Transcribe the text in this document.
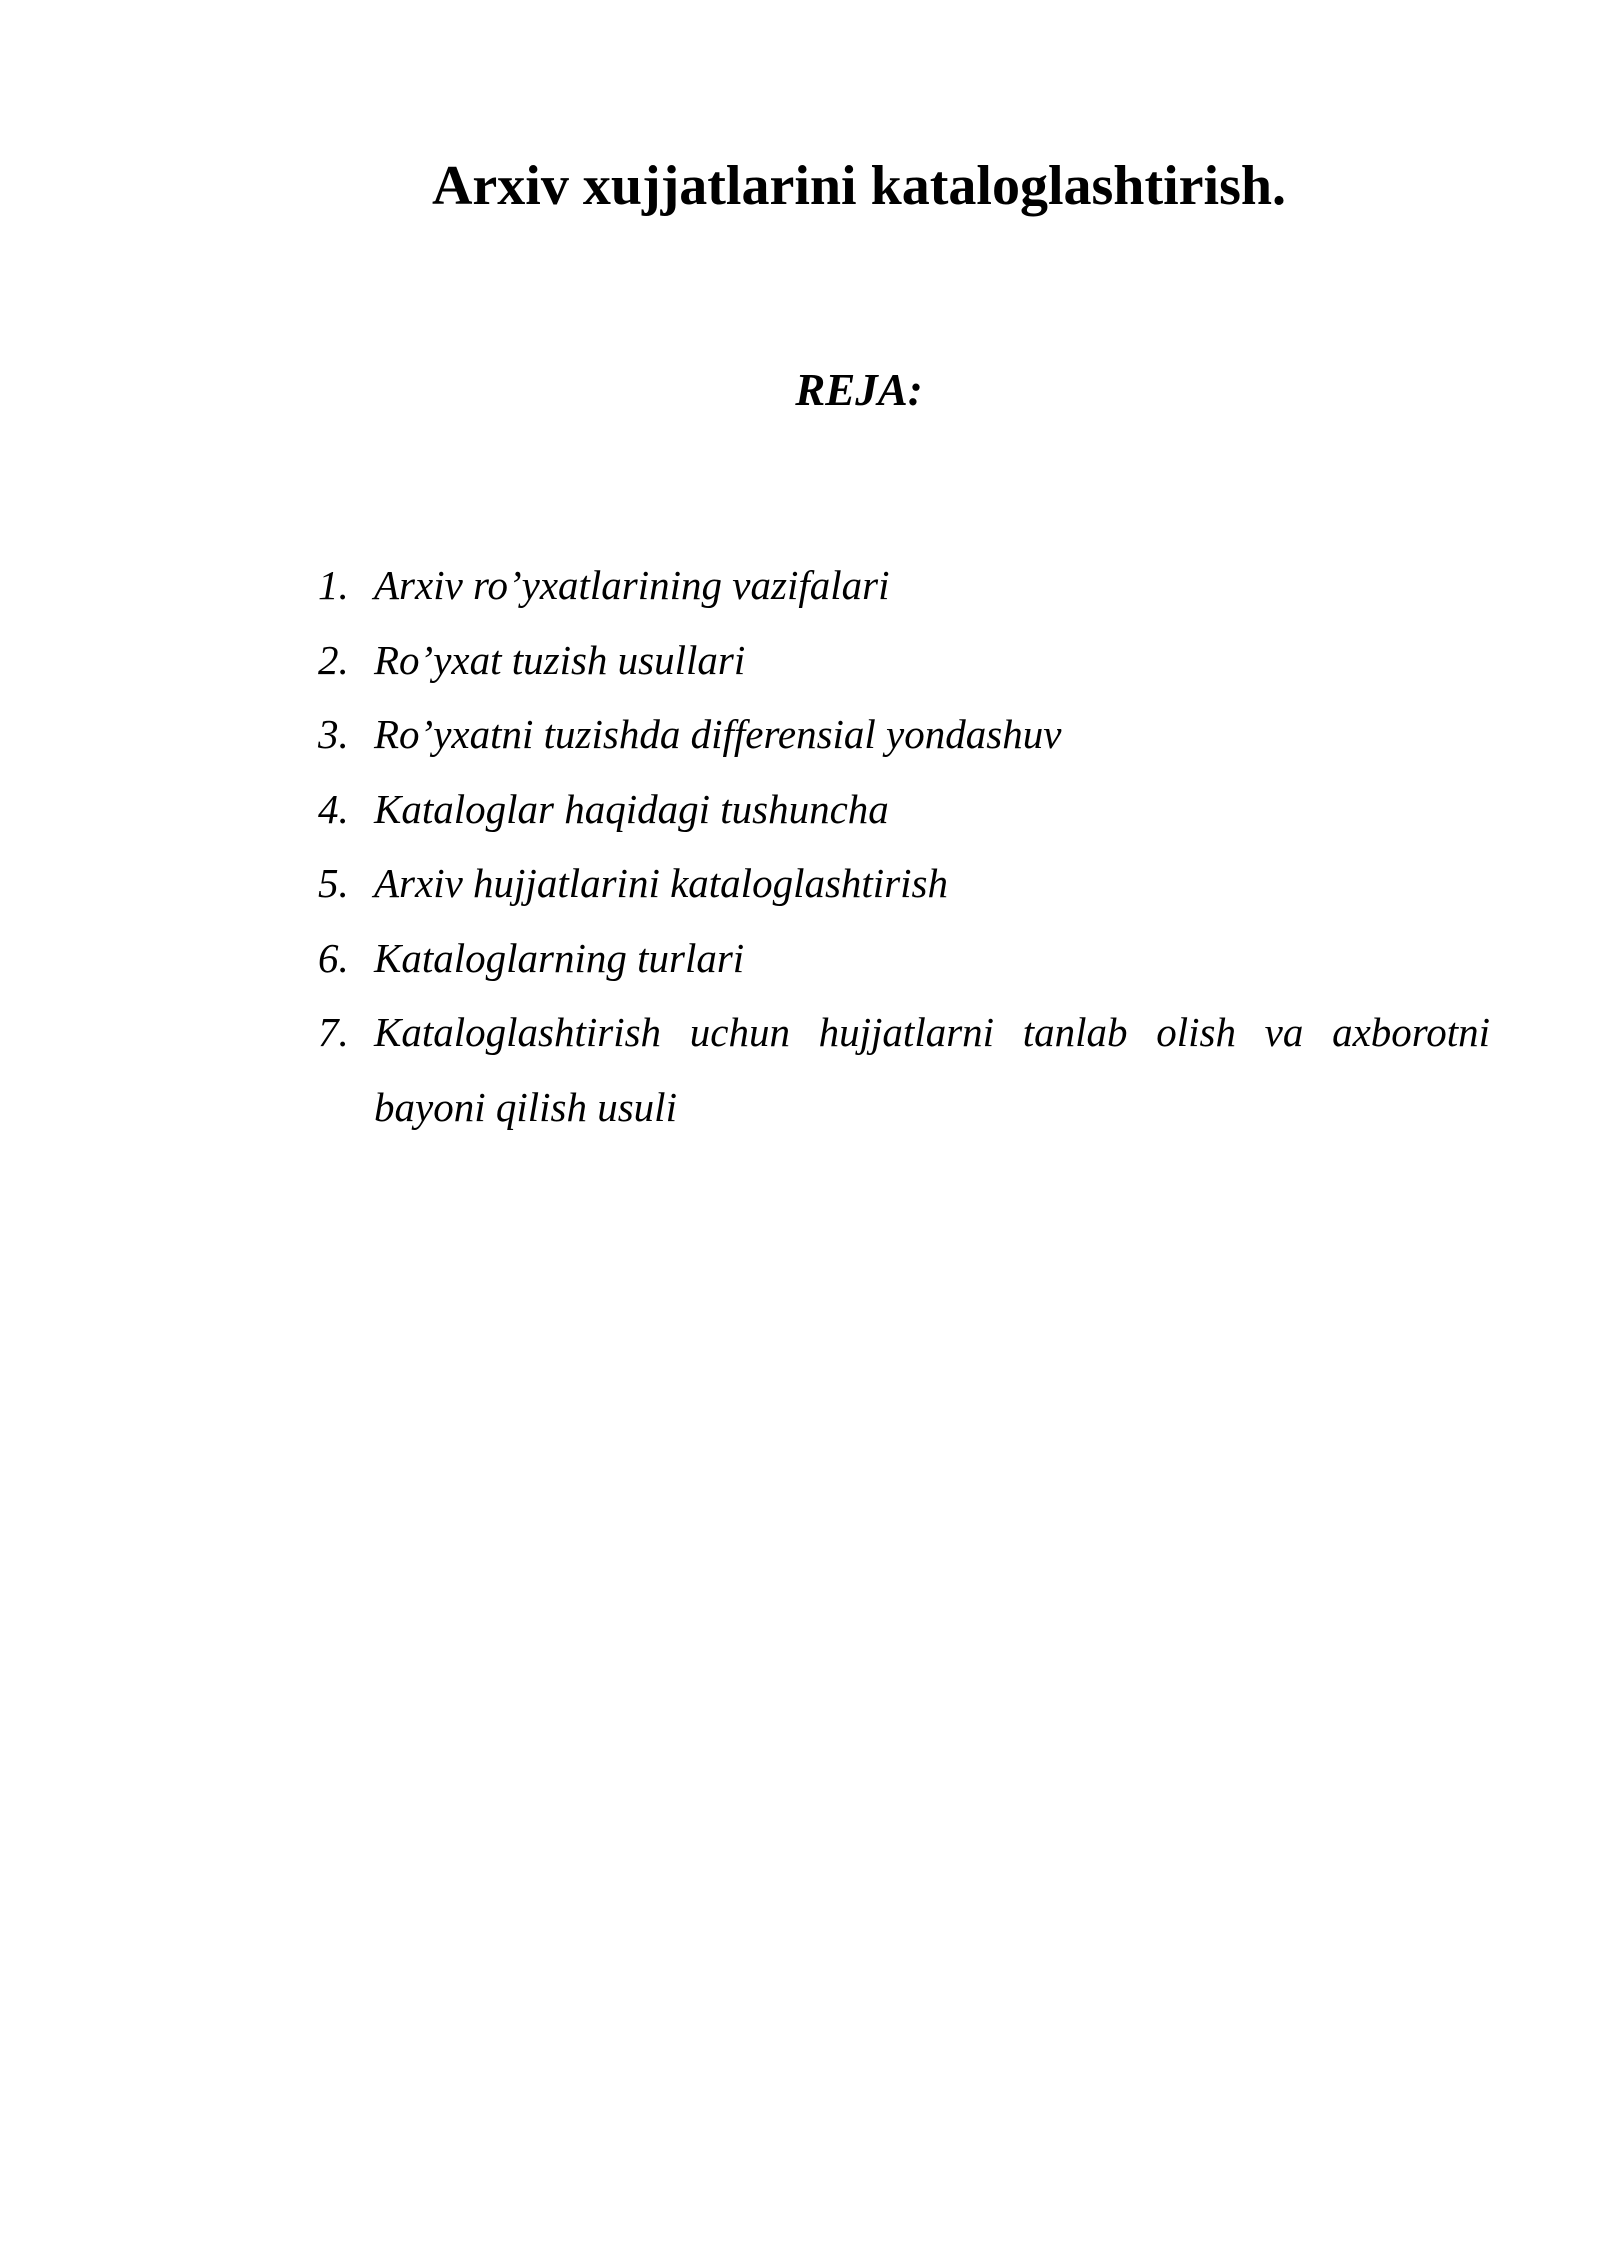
Arxiv xujjatlarini kataloglashtirish.
REJA:
1. Arxiv ro’yxatlarining vazifalari
2. Ro’yxat tuzish usullari
3. Ro’yxatni tuzishda differensial yondashuv
4. Kataloglar haqidagi tushuncha
5. Arxiv hujjatlarini kataloglashtirish
6. Kataloglarning turlari
7. Kataloglashtirish uchun hujjatlarni tanlab olish va axborotni bayoni qilish usuli
